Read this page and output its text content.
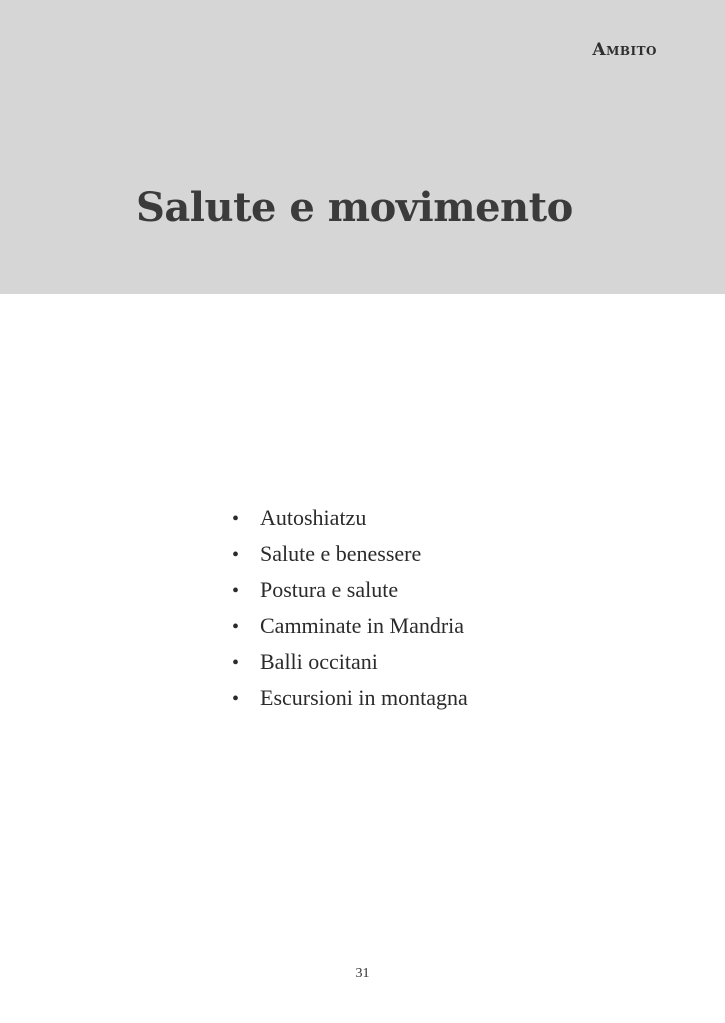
Ambito
Salute e movimento
• Autoshiatzu
• Salute e benessere
• Postura e salute
• Camminate in Mandria
• Balli occitani
• Escursioni in montagna
31
